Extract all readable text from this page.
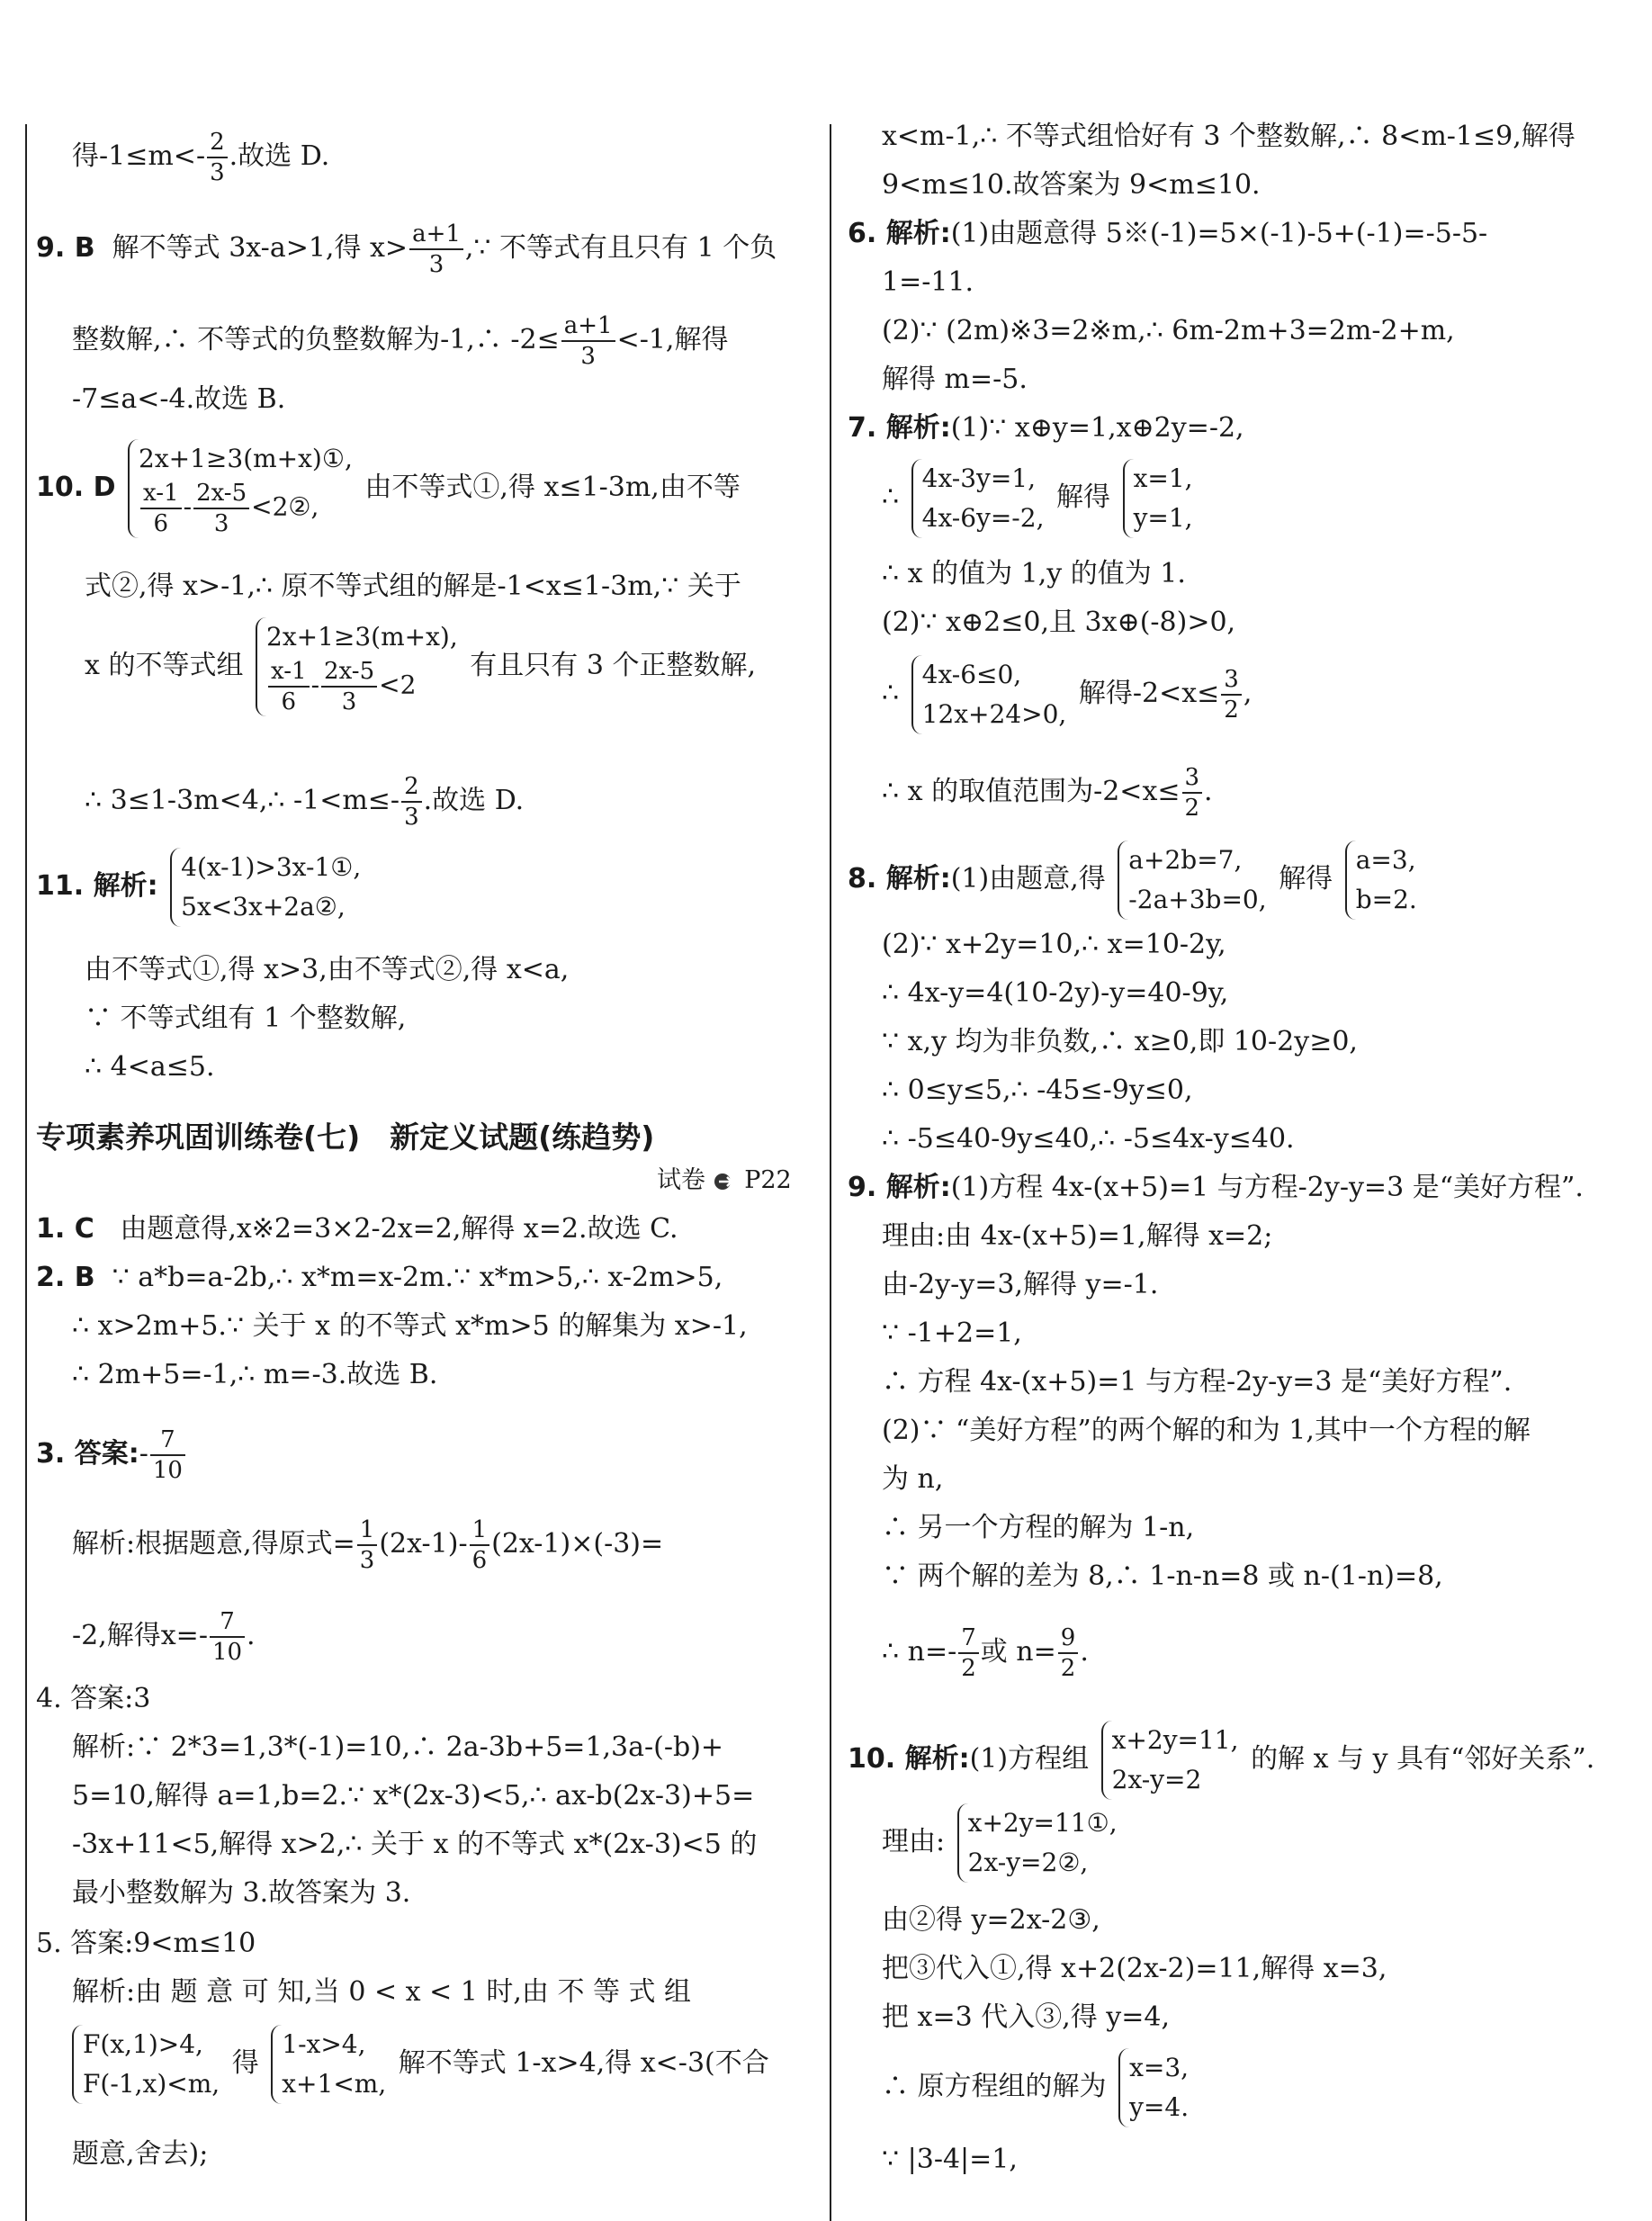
得$-1\le m<- \frac{2}{3}$ .故选 D.
9. B 解不等式 3x-a>1,得 $x> \frac{a+1}{3}$ ,∵ 不等式有且只有 1 个负
整数解,∴ 不等式的负整数解为-1,∴ $-2\le \frac{a+1}{3} <-1$,解得
-7≤a<-4.故选 B.
10. D
2x+1≥3(m+x)①,
$\frac{x-1}{6} - \frac{2x-5}{3}$ <2②,
由不等式①,得 x≤1-3m,由不等
式②,得 x>-1,∴ 原不等式组的解是-1<x≤1-3m,∵ 关于
x 的不等式组
2x+1≥3(m+x),
$\frac{x-1}{6} - \frac{2x-5}{3} <2$
有且只有 3 个正整数解,
∴ 3≤1-3m<4,∴ $-1<m\le- \frac{2}{3}$ .故选 D.
11. 解析:
4(x-1)>3x-1①,
5x<3x+2a②,
由不等式①,得 x>3,由不等式②,得 x<a,
∵ 不等式组有 1 个整数解,
∴ 4<a≤5.
专项素养巩固训练卷(七)　新定义试题(练趋势)
试卷 P22
1. C 由题意得,x※2=3×2-2x=2,解得 x=2.故选 C.
2. B ∵ a*b=a-2b,∴ x*m=x-2m.∵ x*m>5,∴ x-2m>5,
∴ x>2m+5.∵ 关于 x 的不等式 x*m>5 的解集为 x>-1,
∴ 2m+5=-1,∴ m=-3.故选 B.
3. 答案:- $\frac{7}{10}$
解析:根据题意,得原式= $\frac{1}{3} (2x-1)- \frac{1}{6} (2x-1)\times(-3)=$
-2,解得$x=- \frac{7}{10}$ .
4. 答案:3
解析:∵ 2*3=1,3*(-1)=10,∴ 2a-3b+5=1,3a-(-b)+
5=10,解得 a=1,b=2.∵ x*(2x-3)<5,∴ ax-b(2x-3)+5=
-3x+11<5,解得 x>2,∴ 关于 x 的不等式 x*(2x-3)<5 的
最小整数解为 3.故答案为 3.
5. 答案:9<m≤10
解析:由 题 意 可 知,当 0 < x < 1 时,由 不 等 式 组
F(x,1)>4,
F(-1,x)<m,
得
1-x>4,
x+1<m,
解不等式 1-x>4,得 x<-3(不合
题意,舍去);
x<m-1,∴ 不等式组恰好有 3 个整数解,∴ 8<m-1≤9,解得
9<m≤10.故答案为 9<m≤10.
6. 解析:(1)由题意得 5※(-1)=5×(-1)-5+(-1)=-5-5-
1=-11.
(2)∵ (2m)※3=2※m,∴ 6m-2m+3=2m-2+m,
解得 m=-5.
7. 解析:(1)∵ x⊕y=1,x⊕2y=-2,
∴
4x-3y=1,
4x-6y=-2,
解得
x=1,
y=1,
∴ x 的值为 1,y 的值为 1.
(2)∵ x⊕2≤0,且 3x⊕(-8)>0,
∴
4x-6≤0,
12x+24>0,
解得$-2<x\le \frac{3}{2}$ ,
∴ x 的取值范围为$-2<x\le \frac{3}{2}$ .
8. 解析:(1)由题意,得
a+2b=7,
-2a+3b=0,
解得
a=3,
b=2.
(2)∵ x+2y=10,∴ x=10-2y,
∴ 4x-y=4(10-2y)-y=40-9y,
∵ x,y 均为非负数,∴ x≥0,即 10-2y≥0,
∴ 0≤y≤5,∴ -45≤-9y≤0,
∴ -5≤40-9y≤40,∴ -5≤4x-y≤40.
9. 解析:(1)方程 4x-(x+5)=1 与方程-2y-y=3 是“美好方程”.
理由:由 4x-(x+5)=1,解得 x=2;
由-2y-y=3,解得 y=-1.
∵ -1+2=1,
∴ 方程 4x-(x+5)=1 与方程-2y-y=3 是“美好方程”.
(2)∵ “美好方程”的两个解的和为 1,其中一个方程的解
为 n,
∴ 另一个方程的解为 1-n,
∵ 两个解的差为 8,∴ 1-n-n=8 或 n-(1-n)=8,
∴ $n=- \frac{7}{2}$ 或 $n= \frac{9}{2}$ .
10. 解析:(1)方程组
x+2y=11,
2x-y=2
的解 x 与 y 具有“邻好关系”.
理由:
x+2y=11①,
2x-y=2②,
由②得 y=2x-2③,
把③代入①,得 x+2(2x-2)=11,解得 x=3,
把 x=3 代入③,得 y=4,
∴ 原方程组的解为
x=3,
y=4.
∵ |3-4|=1,
